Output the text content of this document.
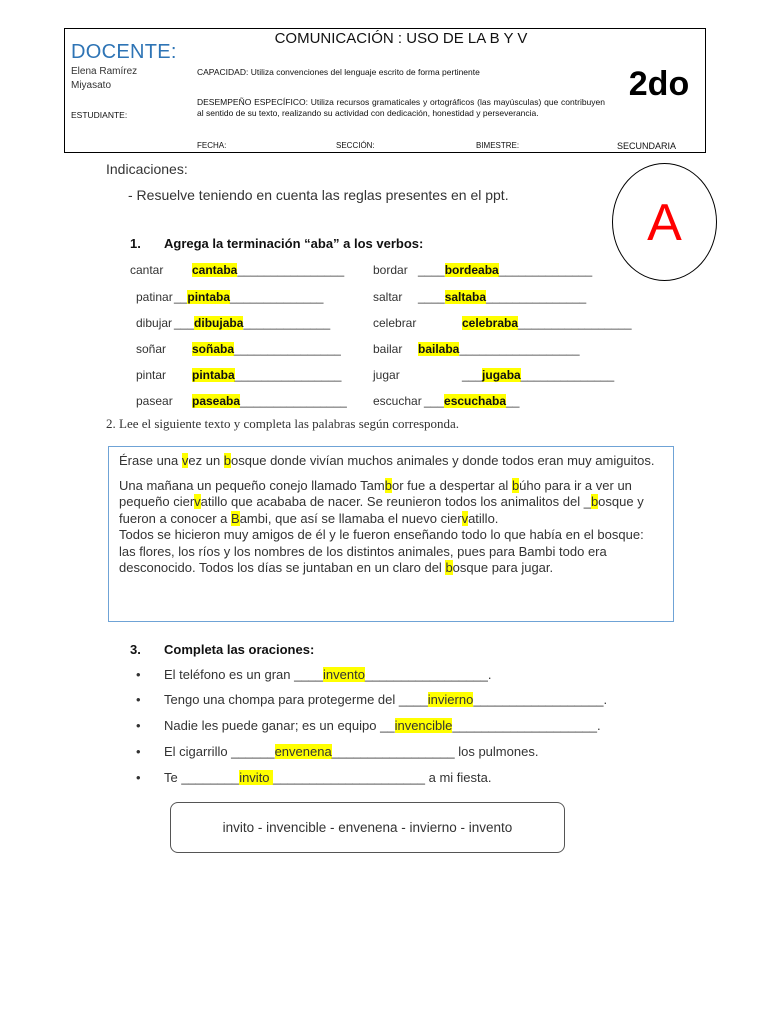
DOCENTE:
Elena Ramírez
Miyasato
COMUNICACIÓN : USO DE LA B Y V
CAPACIDAD: Utiliza convenciones del lenguaje escrito de forma pertinente	2do
ESTUDIANTE:
DESEMPEÑO ESPECÍFICO: Utiliza recursos gramaticales y ortográficos (las mayúsculas) que contribuyen al sentido de su texto, realizando su actividad con dedicación, honestidad y perseverancia.
FECHA:	SECCIÓN:	BIMESTRE:	SECUNDARIA
A
Indicaciones:
- Resuelve teniendo en cuenta las reglas presentes en el ppt.
1. Agrega la terminación “aba” a los verbos:
cantar cantaba________________
patinar __pintaba______________
dibujar ___dibujaba_____________
soñar soñaba________________
pintar pintaba________________
pasear paseaba________________
bordar ____bordeaba______________
saltar ____saltaba_______________
celebrar	celebraba_________________
bailar bailaba__________________
jugar	___jugaba______________
escuchar ___escuchaba__
2. Lee el siguiente texto y completa las palabras según corresponda.

Érase una vez un bosque donde vivían muchos animales y donde todos eran muy amiguitos.

Una mañana un pequeño conejo llamado Tambor fue a despertar al búho para ir a ver un pequeño ciervatillo que acababa de nacer. Se reunieron todos los animalitos del _bosque y fueron a conocer a Bambi, que así se llamaba el nuevo ciervatillo.

Todos se hicieron muy amigos de él y le fueron enseñando todo lo que había en el bosque: las flores, los ríos y los nombres de los distintos animales, pues para Bambi todo era desconocido. Todos los días se juntaban en un claro del bosque para jugar.

3. Completa las oraciones:
• El teléfono es un gran ____invento_________________.
• Tengo una chompa para protegerme del ____invierno__________________.
• Nadie les puede ganar; es un equipo __invencible____________________.
• El cigarrillo ______envenena_________________ los pulmones.
• Te ________invito _____________________ a mi fiesta.
invito - invencible - envenena - invierno - invento
